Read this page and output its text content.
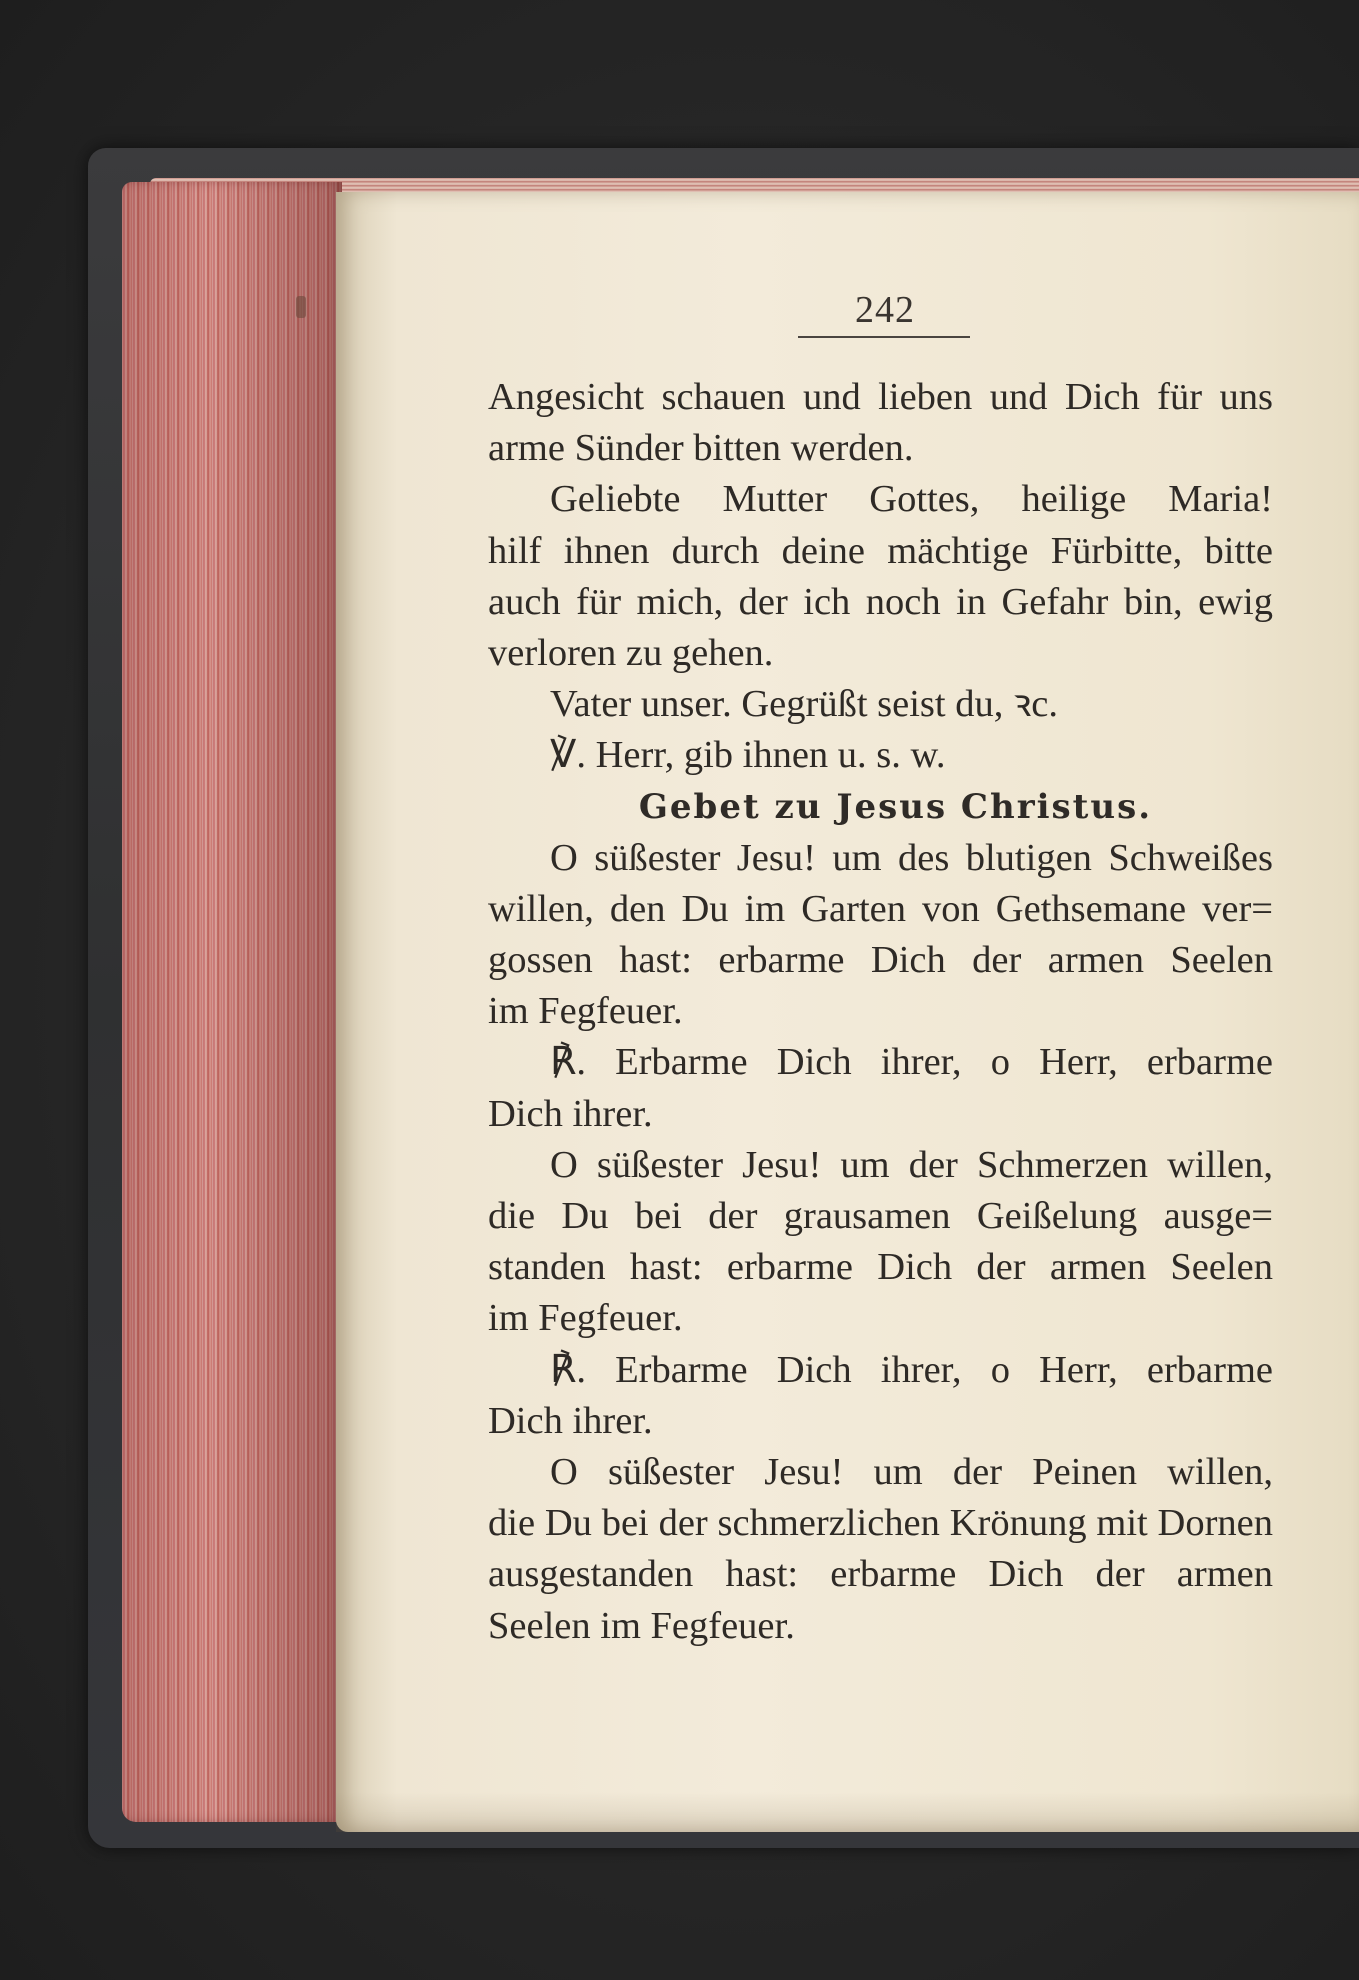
242
Angesicht schauen und lieben und Dich für uns
arme Sünder bitten werden.
Geliebte Mutter Gottes, heilige Maria!
hilf ihnen durch deine mächtige Fürbitte, bitte
auch für mich, der ich noch in Gefahr bin, ewig
verloren zu gehen.
Vater unser. Gegrüßt seist du, ꝛc.
℣. Herr, gib ihnen u. s. w.
Gebet zu Jesus Christus.
O süßester Jesu! um des blutigen Schweißes
willen, den Du im Garten von Gethsemane ver=
gossen hast: erbarme Dich der armen Seelen
im Fegfeuer.
℟. Erbarme Dich ihrer, o Herr, erbarme
Dich ihrer.
O süßester Jesu! um der Schmerzen willen,
die Du bei der grausamen Geißelung ausge=
standen hast: erbarme Dich der armen Seelen
im Fegfeuer.
℟. Erbarme Dich ihrer, o Herr, erbarme
Dich ihrer.
O süßester Jesu! um der Peinen willen,
die Du bei der schmerzlichen Krönung mit Dornen
ausgestanden hast: erbarme Dich der armen
Seelen im Fegfeuer.
